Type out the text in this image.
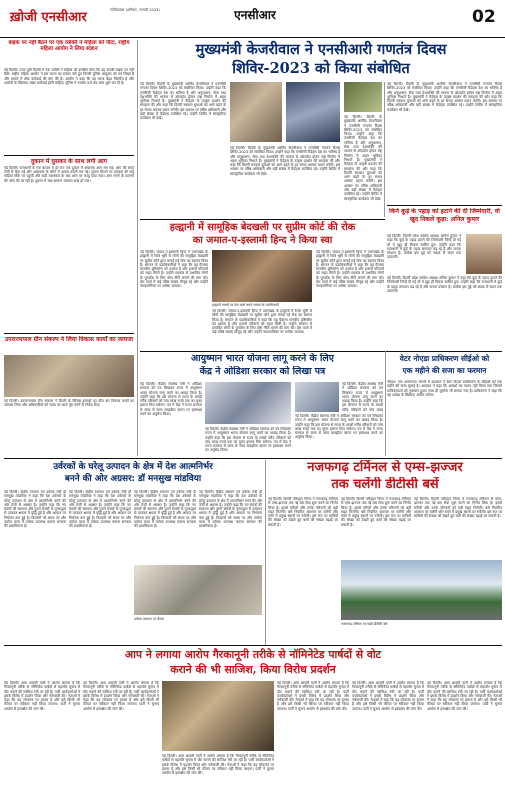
ख़ोजी एनसीआर	गाजियाबाद (शनिवार, जनवरी 2023)	एनसीआर	02
बाइक पर नहीं बैठने पर एक व्यक्ति ने महिला को पीटा, राष्ट्रीय महिला आयोग ने लिया संज्ञान
नई दिल्ली। उत्तर-पूर्वी दिल्ली में एक व्यक्ति ने महिला को इसलिए पीटा कि वह उसकी बाइक पर नहीं बैठी। राष्ट्रीय महिला आयोग ने इस घटना का संज्ञान लेते हुए दिल्ली पुलिस आयुक्त को पत्र लिखा है और मामले में शीघ्र कार्रवाई की मांग की है। आयोग ने कहा कि यह घटना बेहद निंदनीय है और आरोपी के खिलाफ सख्त कार्रवाई होनी चाहिए। पुलिस ने मामला दर्ज कर जांच शुरू कर दी है।
दुकान में घुसकर के साथ लगी आग
नई दिल्ली। राजधानी के एक बाजार में देर रात एक दुकान में अचानक आग लग गई। आग की लपटें तेजी से फैल गईं और आसपास के लोगों में अफरा-तफरी मच गई। सूचना मिलने पर दमकल की कई गाड़ियां मौके पर पहुंचीं और कड़ी मशक्कत के बाद आग पर काबू पाया गया। आग लगने के कारणों की जांच की जा रही है। दुकान में रखा सामान जलकर राख हो गया।
उपराज्यपाल ग्रीन संकल्प ने लिया विकास कार्यों का जायजा
नई दिल्ली। उपराज्यपाल ग्रीन संकल्प ने दिल्ली के विभिन्न इलाकों का दौरा कर विकास कार्यों का जायजा लिया और अधिकारियों को समय पर कार्य पूरा करने के निर्देश दिए।
मुख्यमंत्री केजरीवाल ने एनसीआरी गणतंत्र दिवस
शिविर-2023 को किया संबोधित
नई दिल्ली। दिल्ली के मुख्यमंत्री अरविंद केजरीवाल ने एनसीसी गणतंत्र दिवस शिविर-2023 को संबोधित किया। उन्होंने कहा कि एनसीसी कैडेट्स देश का भविष्य हैं और अनुशासन, सेवा तथा देशभक्ति की भावना से ओतप्रोत होकर राष्ट्र निर्माण में अहम भूमिका निभाते हैं। मुख्यमंत्री ने कैडेट्स के उत्कृष्ट प्रदर्शन की सराहना की और कहा कि दिल्ली सरकार युवाओं को आगे बढ़ने के हर संभव अवसर प्रदान करेगी। इस अवसर पर वरिष्ठ अधिकारी और बड़ी संख्या में कैडेट्स उपस्थित रहे। उन्होंने शिविर में सांस्कृतिक कार्यक्रम भी देखे।
नई दिल्ली। दिल्ली के मुख्यमंत्री अरविंद केजरीवाल ने एनसीसी गणतंत्र दिवस शिविर-2023 को संबोधित किया। उन्होंने कहा कि एनसीसी कैडेट्स देश का भविष्य हैं और अनुशासन, सेवा तथा देशभक्ति की भावना से ओतप्रोत होकर राष्ट्र निर्माण में अहम भूमिका निभाते हैं। मुख्यमंत्री ने कैडेट्स के उत्कृष्ट प्रदर्शन की सराहना की और कहा कि दिल्ली सरकार युवाओं को आगे बढ़ने के हर संभव अवसर प्रदान करेगी। इस अवसर पर वरिष्ठ अधिकारी और बड़ी संख्या में कैडेट्स उपस्थित रहे। उन्होंने शिविर में सांस्कृतिक कार्यक्रम भी देखे।
नई दिल्ली। दिल्ली के मुख्यमंत्री अरविंद केजरीवाल ने एनसीसी गणतंत्र दिवस शिविर-2023 को संबोधित किया। उन्होंने कहा कि एनसीसी कैडेट्स देश का भविष्य हैं और अनुशासन, सेवा तथा देशभक्ति की भावना से ओतप्रोत होकर राष्ट्र निर्माण में अहम भूमिका निभाते हैं। मुख्यमंत्री ने कैडेट्स के उत्कृष्ट प्रदर्शन की सराहना की और कहा कि दिल्ली सरकार युवाओं को आगे बढ़ने के हर संभव अवसर प्रदान करेगी। इस अवसर पर वरिष्ठ अधिकारी और बड़ी संख्या में कैडेट्स उपस्थित रहे। उन्होंने शिविर में सांस्कृतिक कार्यक्रम भी देखे।
नई दिल्ली। दिल्ली के मुख्यमंत्री अरविंद केजरीवाल ने एनसीसी गणतंत्र दिवस शिविर-2023 को संबोधित किया। उन्होंने कहा कि एनसीसी कैडेट्स देश का भविष्य हैं और अनुशासन, सेवा तथा देशभक्ति की भावना से ओतप्रोत होकर राष्ट्र निर्माण में अहम भूमिका निभाते हैं। मुख्यमंत्री ने कैडेट्स के उत्कृष्ट प्रदर्शन की सराहना की और कहा कि दिल्ली सरकार युवाओं को आगे बढ़ने के हर संभव अवसर प्रदान करेगी। इस अवसर पर वरिष्ठ अधिकारी और बड़ी संख्या में कैडेट्स उपस्थित रहे। उन्होंने शिविर में सांस्कृतिक कार्यक्रम भी देखे।
किर्ने कूड़े के पहाड़ को हटाने की दी जिम्मेदारी, वो खुद निकले कूड़ा: अनिल कुमार
नई दिल्ली। दिल्ली प्रदेश कांग्रेस अध्यक्ष अनिल कुमार ने कहा कि कूड़े के पहाड़ हटाने की जिम्मेदारी जिन्हें दी गई थी वे खुद ही विफल साबित हुए। उन्होंने कहा कि राजधानी में कूड़े के पहाड़ लगातार बढ़ रहे हैं और जनता परेशान है। कांग्रेस इस मुद्दे को सड़क से सदन तक उठाएगी।
नई दिल्ली। दिल्ली प्रदेश कांग्रेस अध्यक्ष अनिल कुमार ने कहा कि कूड़े के पहाड़ हटाने की जिम्मेदारी जिन्हें दी गई थी वे खुद ही विफल साबित हुए। उन्होंने कहा कि राजधानी में कूड़े के पहाड़ लगातार बढ़ रहे हैं और जनता परेशान है। कांग्रेस इस मुद्दे को सड़क से सदन तक उठाएगी।
हल्द्वानी में सामूहिक बेदखली पर सुप्रीम कोर्ट की रोक
का जमात-ए-इस्लामी हिन्द ने किया स्वा
नई दिल्ली। जमात-ए-इस्लामी हिन्द ने उत्तराखंड के हल्द्वानी में रेलवे भूमि से लोगों की सामूहिक बेदखली पर सुप्रीम कोर्ट द्वारा लगाई गई रोक का स्वागत किया है। संगठन के पदाधिकारियों ने कहा कि यह फैसला मानवीय दृष्टिकोण को दर्शाता है और हजारों परिवारों को राहत मिली है। उन्होंने सरकार से प्रभावित लोगों के पुनर्वास के लिए ठोस नीति बनाने की मांग की। प्रेस वार्ता में कई वरिष्ठ सदस्य मौजूद रहे और उन्होंने न्यायपालिका पर भरोसा जताया।
हल्द्वानी मामले पर प्रेस वार्ता करते जमात के पदाधिकारी
नई दिल्ली। जमात-ए-इस्लामी हिन्द ने उत्तराखंड के हल्द्वानी में रेलवे भूमि से लोगों की सामूहिक बेदखली पर सुप्रीम कोर्ट द्वारा लगाई गई रोक का स्वागत किया है। संगठन के पदाधिकारियों ने कहा कि यह फैसला मानवीय दृष्टिकोण को दर्शाता है और हजारों परिवारों को राहत मिली है। उन्होंने सरकार से प्रभावित लोगों के पुनर्वास के लिए ठोस नीति बनाने की मांग की। प्रेस वार्ता में कई वरिष्ठ सदस्य मौजूद रहे और उन्होंने न्यायपालिका पर भरोसा जताया।
नई दिल्ली। जमात-ए-इस्लामी हिन्द ने उत्तराखंड के हल्द्वानी में रेलवे भूमि से लोगों की सामूहिक बेदखली पर सुप्रीम कोर्ट द्वारा लगाई गई रोक का स्वागत किया है। संगठन के पदाधिकारियों ने कहा कि यह फैसला मानवीय दृष्टिकोण को दर्शाता है और हजारों परिवारों को राहत मिली है। उन्होंने सरकार से प्रभावित लोगों के पुनर्वास के लिए ठोस नीति बनाने की मांग की। प्रेस वार्ता में कई वरिष्ठ सदस्य मौजूद रहे और उन्होंने न्यायपालिका पर भरोसा जताया।
आयुष्मान भारत योजना लागू करने के लिए
केंद्र ने ओडिशा सरकार को लिखा पत्र
नई दिल्ली। केंद्रीय स्वास्थ्य मंत्री ने ओडिशा सरकार को पत्र लिखकर राज्य में आयुष्मान भारत योजना लागू करने का आग्रह किया है। उन्होंने कहा कि इस योजना से राज्य के लाखों गरीब परिवारों को पांच लाख रुपये तक का मुफ्त इलाज मिल सकेगा। पत्र में केंद्र ने राज्य सरकार से जल्द से जल्द समझौता ज्ञापन पर हस्ताक्षर करने का अनुरोध किया।
नई दिल्ली। केंद्रीय स्वास्थ्य मंत्री ने ओडिशा सरकार को पत्र लिखकर राज्य में आयुष्मान भारत योजना लागू करने का आग्रह किया है। उन्होंने कहा कि इस योजना से राज्य के लाखों गरीब परिवारों को पांच लाख रुपये तक का मुफ्त इलाज मिल सकेगा। पत्र में केंद्र ने राज्य सरकार से जल्द से जल्द समझौता ज्ञापन पर हस्ताक्षर करने का अनुरोध किया।
नई दिल्ली। केंद्रीय स्वास्थ्य मंत्री ने ओडिशा सरकार को पत्र लिखकर राज्य में आयुष्मान भारत योजना लागू करने का आग्रह किया है। उन्होंने कहा कि इस योजना से राज्य के लाखों गरीब परिवारों को पांच लाख रुपये तक का मुफ्त इलाज मिल सकेगा। पत्र में केंद्र ने राज्य सरकार से जल्द से जल्द समझौता ज्ञापन पर हस्ताक्षर करने का अनुरोध किया।
नई दिल्ली। केंद्रीय स्वास्थ्य मंत्री ने ओडिशा सरकार को पत्र लिखकर राज्य में आयुष्मान भारत योजना लागू करने का आग्रह किया है। उन्होंने कहा कि इस योजना से राज्य के लाखों गरीब परिवारों को पांच लाख
वेटर नोएडा प्राधिकरण सीईओ को
एक महीने की सजा का फरमान
नोएडा। एक अवमानना मामले में अदालत ने ग्रेटर नोएडा प्राधिकरण के सीईओ को एक महीने की सजा सुनाई है। अदालत ने कहा कि आदेशों का पालन नहीं किया गया जिससे याचिकाकर्ता को नुकसान हुआ। साथ ही जुर्माना भी लगाया गया है। प्राधिकरण ने कहा कि वह आदेश के खिलाफ अपील करेगा।
उर्वरकों के घरेलू उत्पादन के क्षेत्र में देश आत्मनिर्भर
बनने की ओर अग्रसर: डॉ मनसुख मांडविया
नई दिल्ली। केंद्रीय रसायन एवं उर्वरक मंत्री डॉ मनसुख मांडविया ने कहा कि देश उर्वरकों के घरेलू उत्पादन के क्षेत्र में आत्मनिर्भर बनने की ओर तेजी से अग्रसर है। उन्होंने कहा कि नए संयंत्रों की स्थापना और पुराने संयंत्रों के पुनरुद्धार से उत्पादन क्षमता में वृद्धि हुई है और आयात पर निर्भरता कम हुई है। किसानों को समय पर और पर्याप्त मात्रा में उर्वरक उपलब्ध कराना सरकार की प्राथमिकता है।
नई दिल्ली। केंद्रीय रसायन एवं उर्वरक मंत्री डॉ मनसुख मांडविया ने कहा कि देश उर्वरकों के घरेलू उत्पादन के क्षेत्र में आत्मनिर्भर बनने की ओर तेजी से अग्रसर है। उन्होंने कहा कि नए संयंत्रों की स्थापना और पुराने संयंत्रों के पुनरुद्धार से उत्पादन क्षमता में वृद्धि हुई है और आयात पर निर्भरता कम हुई है। किसानों को समय पर और पर्याप्त मात्रा में उर्वरक उपलब्ध कराना सरकार की प्राथमिकता है।
नई दिल्ली। केंद्रीय रसायन एवं उर्वरक मंत्री डॉ मनसुख मांडविया ने कहा कि देश उर्वरकों के घरेलू उत्पादन के क्षेत्र में आत्मनिर्भर बनने की ओर तेजी से अग्रसर है। उन्होंने कहा कि नए संयंत्रों की स्थापना और पुराने संयंत्रों के पुनरुद्धार से उत्पादन क्षमता में वृद्धि हुई है और आयात पर निर्भरता कम हुई है। किसानों को समय पर और पर्याप्त मात्रा में उर्वरक उपलब्ध कराना सरकार की प्राथमिकता है।
उर्वरक उत्पादन पर बैठक
नई दिल्ली। केंद्रीय रसायन एवं उर्वरक मंत्री डॉ मनसुख मांडविया ने कहा कि देश उर्वरकों के घरेलू उत्पादन के क्षेत्र में आत्मनिर्भर बनने की ओर तेजी से अग्रसर है। उन्होंने कहा कि नए संयंत्रों की स्थापना और पुराने संयंत्रों के पुनरुद्धार से उत्पादन क्षमता में वृद्धि हुई है और आयात पर निर्भरता कम हुई है। किसानों को समय पर और पर्याप्त मात्रा में उर्वरक उपलब्ध कराना सरकार की प्राथमिकता है।
नजफगढ़ टर्मिनल से एम्स-झज्जर
तक चलेंगी डीटीसी बसें
नई दिल्ली। दिल्ली परिवहन निगम ने नजफगढ़ टर्मिनल से एम्स-झज्जर तक नई बस सेवा शुरू करने का निर्णय लिया है। इससे मरीजों और उनके परिजनों को बड़ी राहत मिलेगी। बसें नियमित अंतराल पर चलेंगी और रास्ते में प्रमुख स्थानों पर रुकेंगी। इस रूट पर यात्रियों की संख्या को देखते हुए बसों की संख्या बढ़ाई जा सकती है।
नई दिल्ली। दिल्ली परिवहन निगम ने नजफगढ़ टर्मिनल से एम्स-झज्जर तक नई बस सेवा शुरू करने का निर्णय लिया है। इससे मरीजों और उनके परिजनों को बड़ी राहत मिलेगी। बसें नियमित अंतराल पर चलेंगी और रास्ते में प्रमुख स्थानों पर रुकेंगी। इस रूट पर यात्रियों की संख्या को देखते हुए बसों की संख्या बढ़ाई जा सकती है।
नजफगढ़ टर्मिनल पर खड़ी डीटीसी बसें
नई दिल्ली। दिल्ली परिवहन निगम ने नजफगढ़ टर्मिनल से एम्स-झज्जर तक नई बस सेवा शुरू करने का निर्णय लिया है। इससे मरीजों और उनके परिजनों को बड़ी राहत मिलेगी। बसें नियमित अंतराल पर चलेंगी और रास्ते में प्रमुख स्थानों पर रुकेंगी। इस रूट पर यात्रियों की संख्या को देखते हुए बसों की संख्या बढ़ाई जा सकती है।
आप ने लगाया आरोप गैरकानूनी तरीके से नॉमिनेटेड पार्षदों से वोट
कराने की भी साजिश, किया विरोध प्रदर्शन
नई दिल्ली। आम आदमी पार्टी ने आरोप लगाया है कि गैरकानूनी तरीके से नॉमिनेटेड पार्षदों से महापौर चुनाव में वोट कराने की साजिश रची जा रही है। पार्टी कार्यकर्ताओं ने इसके विरोध में प्रदर्शन किया और नारेबाजी की। नेताओं ने कहा कि यह लोकतंत्र पर हमला है और इसे किसी भी कीमत पर स्वीकार नहीं किया जाएगा। पार्टी ने चुनाव आयोग से हस्तक्षेप की मांग की।
नई दिल्ली। आम आदमी पार्टी ने आरोप लगाया है कि गैरकानूनी तरीके से नॉमिनेटेड पार्षदों से महापौर चुनाव में वोट कराने की साजिश रची जा रही है। पार्टी कार्यकर्ताओं ने इसके विरोध में प्रदर्शन किया और नारेबाजी की। नेताओं ने कहा कि यह लोकतंत्र पर हमला है और इसे किसी भी कीमत पर स्वीकार नहीं किया जाएगा। पार्टी ने चुनाव आयोग से हस्तक्षेप की मांग की।
नई दिल्ली। आम आदमी पार्टी ने आरोप लगाया है कि गैरकानूनी तरीके से नॉमिनेटेड पार्षदों से महापौर चुनाव में वोट कराने की साजिश रची जा रही है। पार्टी कार्यकर्ताओं ने इसके विरोध में प्रदर्शन किया और नारेबाजी की। नेताओं ने कहा कि यह लोकतंत्र पर हमला है और इसे किसी भी कीमत पर स्वीकार नहीं किया जाएगा। पार्टी ने चुनाव आयोग से हस्तक्षेप की मांग की।
नई दिल्ली। आम आदमी पार्टी ने आरोप लगाया है कि गैरकानूनी तरीके से नॉमिनेटेड पार्षदों से महापौर चुनाव में वोट कराने की साजिश रची जा रही है। पार्टी कार्यकर्ताओं ने इसके विरोध में प्रदर्शन किया और नारेबाजी की। नेताओं ने कहा कि यह लोकतंत्र पर हमला है और इसे किसी भी कीमत पर स्वीकार नहीं किया जाएगा। पार्टी ने चुनाव आयोग से हस्तक्षेप की मांग की।
नई दिल्ली। आम आदमी पार्टी ने आरोप लगाया है कि गैरकानूनी तरीके से नॉमिनेटेड पार्षदों से महापौर चुनाव में वोट कराने की साजिश रची जा रही है। पार्टी कार्यकर्ताओं ने इसके विरोध में प्रदर्शन किया और नारेबाजी की। नेताओं ने कहा कि यह लोकतंत्र पर हमला है और इसे किसी भी कीमत पर स्वीकार नहीं किया जाएगा। पार्टी ने चुनाव आयोग से हस्तक्षेप की मांग की।
नई दिल्ली। आम आदमी पार्टी ने आरोप लगाया है कि गैरकानूनी तरीके से नॉमिनेटेड पार्षदों से महापौर चुनाव में वोट कराने की साजिश रची जा रही है। पार्टी कार्यकर्ताओं ने इसके विरोध में प्रदर्शन किया और नारेबाजी की। नेताओं ने कहा कि यह लोकतंत्र पर हमला है और इसे किसी भी कीमत पर स्वीकार नहीं किया जाएगा। पार्टी ने चुनाव आयोग से हस्तक्षेप की मांग की।
